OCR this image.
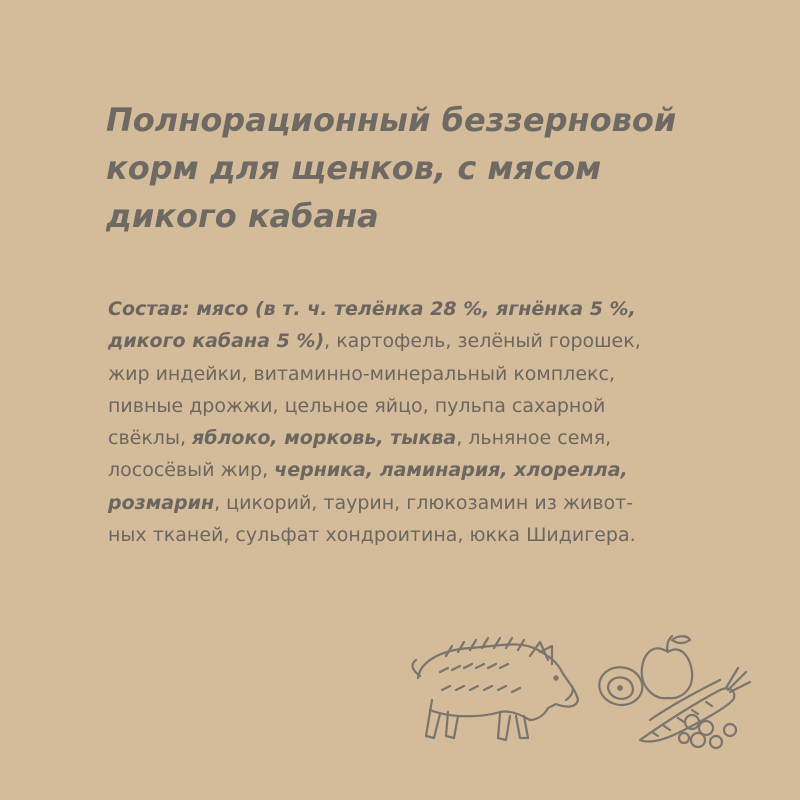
Полнорационный беззерновой
корм для щенков, с мясом
дикого кабана

Состав: мясо (в т. ч. телёнка 28 %, ягнёнка 5 %,
дикого кабана 5 %), картофель, зелёный горошек,
жир индейки, витаминно-минеральный комплекс,
пивные дрожжи, цельное яйцо, пульпа сахарной
свёклы, яблоко, морковь, тыква, льняное семя,
лососёвый жир, черника, ламинария, хлорелла,
розмарин, цикорий, таурин, глюкозамин из живот-
ных тканей, сульфат хондроитина, юкка Шидигера.
